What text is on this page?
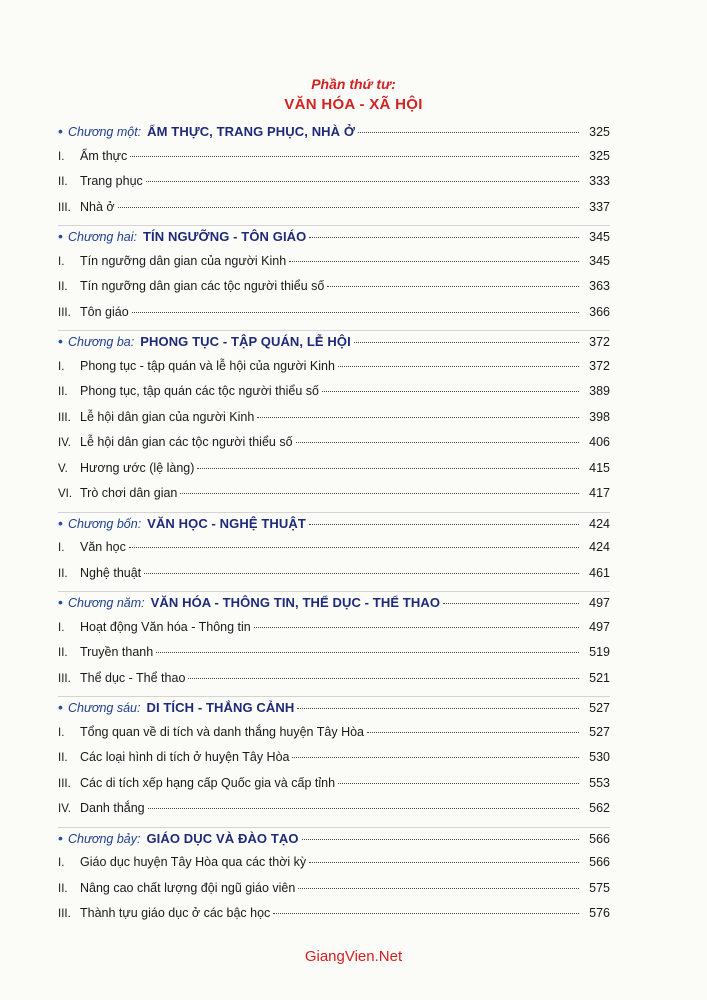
Phần thứ tư:
VĂN HÓA - XÃ HỘI
• Chương một: ẨM THỰC, TRANG PHỤC, NHÀ Ở	325
I.	Ẩm thực	325
II. Trang phục	333
III. Nhà ở	337
• Chương hai: TÍN NGƯỠNG - TÔN GIÁO	345
I.	Tín ngưỡng dân gian của người Kinh	345
II. Tín ngưỡng dân gian các tộc người thiểu số	363
III. Tôn giáo	366
• Chương ba: PHONG TỤC - TẬP QUÁN, LỄ HỘI	372
I.	Phong tục - tập quán và lễ hội của người Kinh	372
II. Phong tục, tập quán các tộc người thiểu số	389
III. Lễ hội dân gian của người Kinh	398
IV. Lễ hội dân gian các tộc người thiểu số	406
V. Hương ước (lệ làng)	415
VI. Trò chơi dân gian	417
• Chương bốn: VĂN HỌC - NGHỆ THUẬT	424
I.	Văn học	424
II. Nghệ thuật	461
• Chương năm: VĂN HÓA - THÔNG TIN, THỂ DỤC - THỂ THAO	497
I.	Hoạt động Văn hóa - Thông tin	497
II. Truyền thanh	519
III. Thể dục - Thể thao	521
• Chương sáu: DI TÍCH - THẮNG CẢNH	527
I.	Tổng quan về di tích và danh thắng huyện Tây Hòa	527
II. Các loại hình di tích ở huyện Tây Hòa	530
III. Các di tích xếp hạng cấp Quốc gia và cấp tỉnh	553
IV. Danh thắng	562
• Chương bảy: GIÁO DỤC VÀ ĐÀO TẠO	566
I.	Giáo dục huyện Tây Hòa qua các thời kỳ	566
II. Nâng cao chất lượng đội ngũ giáo viên	575
III. Thành tựu giáo dục ở các bậc học	576
GiangVien.Net
